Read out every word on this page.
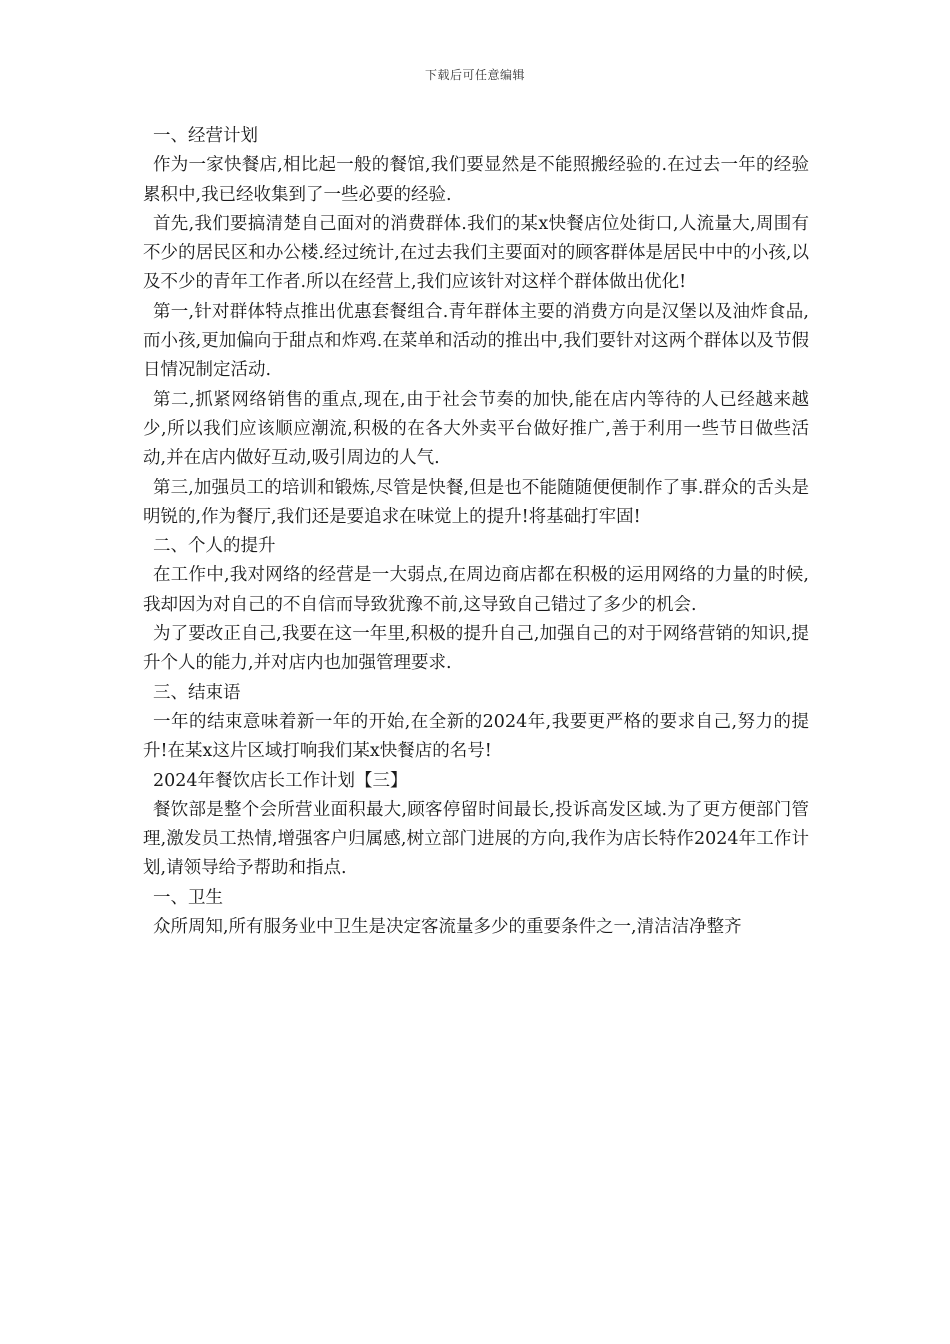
下载后可任意编辑

一、经营计划

作为一家快餐店,相比起一般的餐馆,我们要显然是不能照搬经验的.在过去一年的经验累积中,我已经收集到了一些必要的经验.

首先,我们要搞清楚自己面对的消费群体.我们的某x快餐店位处街口,人流量大,周围有不少的居民区和办公楼.经过统计,在过去我们主要面对的顾客群体是居民中中的小孩,以及不少的青年工作者.所以在经营上,我们应该针对这样个群体做出优化!

第一,针对群体特点推出优惠套餐组合.青年群体主要的消费方向是汉堡以及油炸食品,而小孩,更加偏向于甜点和炸鸡.在菜单和活动的推出中,我们要针对这两个群体以及节假日情况制定活动.

第二,抓紧网络销售的重点,现在,由于社会节奏的加快,能在店内等待的人已经越来越少,所以我们应该顺应潮流,积极的在各大外卖平台做好推广,善于利用一些节日做些活动,并在店内做好互动,吸引周边的人气.

第三,加强员工的培训和锻炼,尽管是快餐,但是也不能随随便便制作了事.群众的舌头是明锐的,作为餐厅,我们还是要追求在味觉上的提升!将基础打牢固!

二、个人的提升

在工作中,我对网络的经营是一大弱点,在周边商店都在积极的运用网络的力量的时候,我却因为对自己的不自信而导致犹豫不前,这导致自己错过了多少的机会.

为了要改正自己,我要在这一年里,积极的提升自己,加强自己的对于网络营销的知识,提升个人的能力,并对店内也加强管理要求.

三、结束语

一年的结束意味着新一年的开始,在全新的2024年,我要更严格的要求自己,努力的提升!在某x这片区域打响我们某x快餐店的名号!

2024年餐饮店长工作计划【三】

餐饮部是整个会所营业面积最大,顾客停留时间最长,投诉高发区域.为了更方便部门管理,激发员工热情,增强客户归属感,树立部门进展的方向,我作为店长特作2024年工作计划,请领导给予帮助和指点.

一、卫生

众所周知,所有服务业中卫生是决定客流量多少的重要条件之一,清洁洁净整齐
